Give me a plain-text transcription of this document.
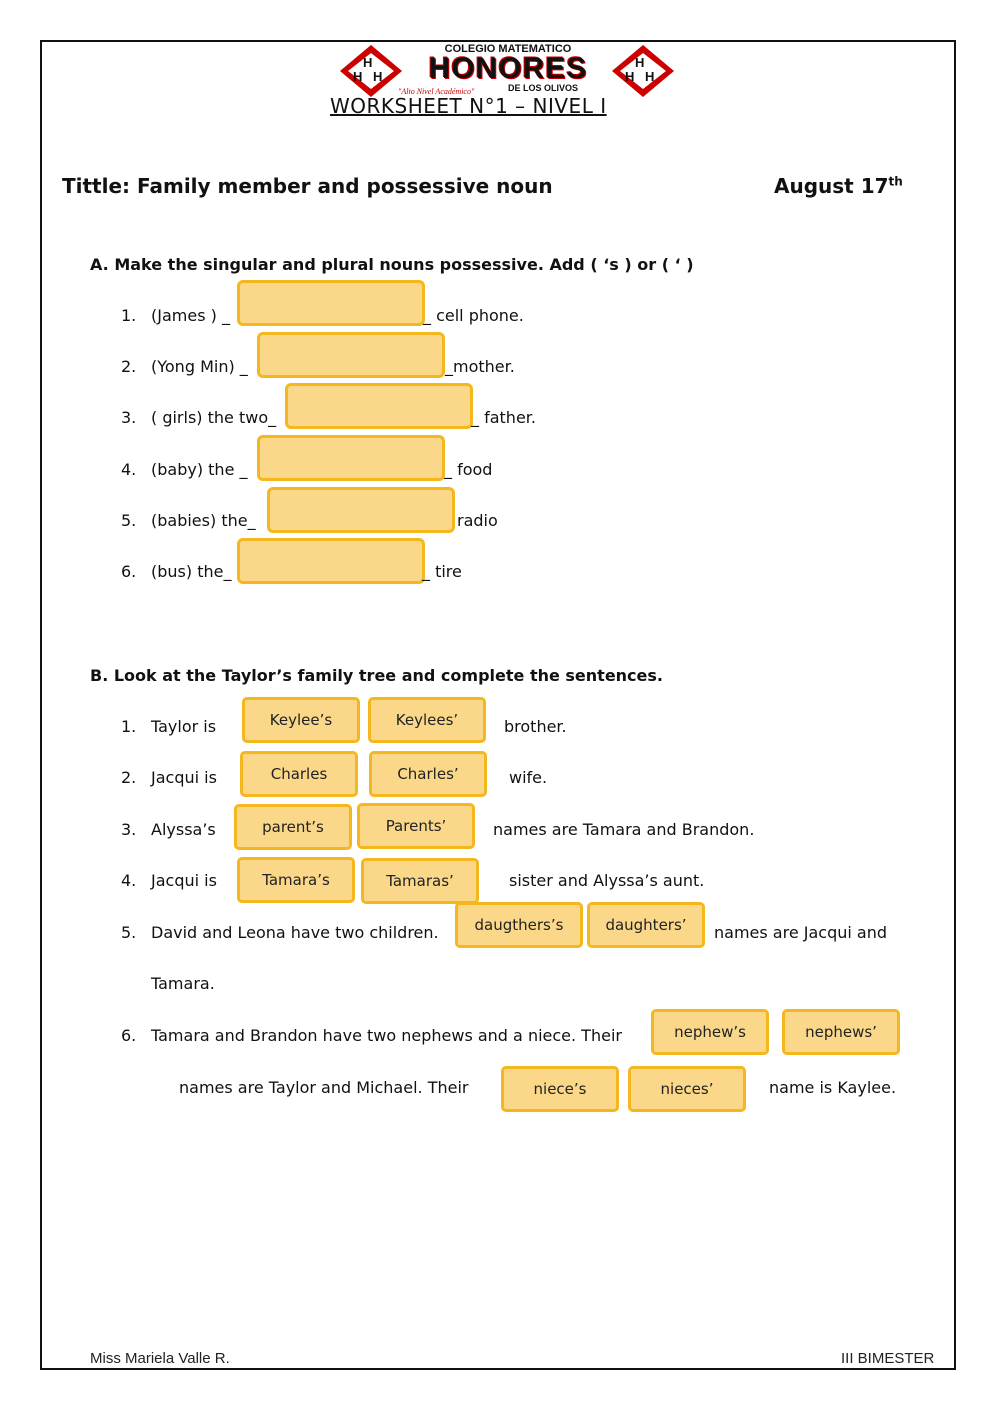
H
H H
COLEGIO MATEMATICO
HONORES
DE LOS OLIVOS
"Alto Nivel Académico"
H
H H
WORKSHEET N°1 – NIVEL I
Tittle: Family member and possessive noun	August 17th
A. Make the singular and plural nouns possessive. Add ( ‘s ) or ( ‘ )
1. (James ) _	_ cell phone.
2. (Yong Min) _	_mother.
3. ( girls) the two_	_ father.
4. (baby) the _	_ food
5. (babies) the_	radio
6. (bus) the_	_ tire
B. Look at the Taylor’s family tree and complete the sentences.
1. Taylor is	Keylee’s	Keylees’	brother.
2. Jacqui is	Charles	Charles’	wife.
3. Alyssa’s	parent’s	Parents’	names are Tamara and Brandon.
4. Jacqui is	Tamara’s	Tamaras’	sister and Alyssa’s aunt.
5. David and Leona have two children.	daugthers’s	daughters’	names are Jacqui and
Tamara.
6. Tamara and Brandon have two nephews and a niece. Their	nephew’s	nephews’
names are Taylor and Michael. Their	niece’s	nieces’	name is Kaylee.
Miss Mariela Valle R.	III BIMESTER
